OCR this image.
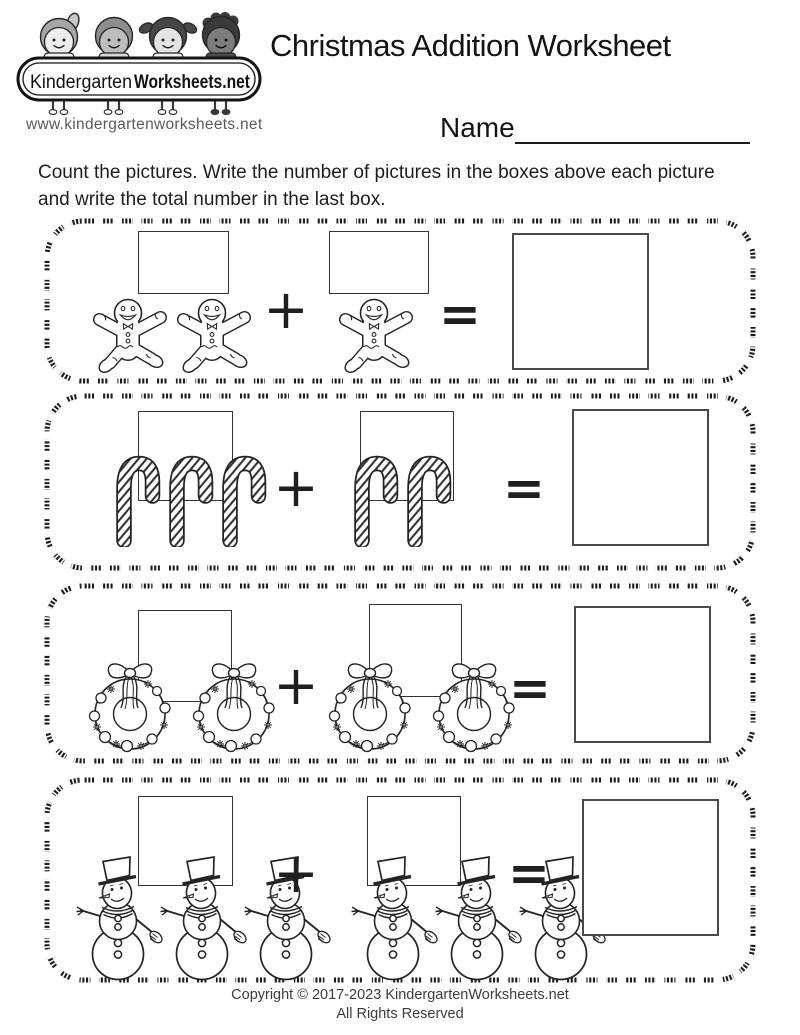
Kindergarten Worksheets.net
www.kindergartenworksheets.net
Christmas Addition Worksheet
Name

Count the pictures. Write the number of pictures in the boxes above each picture and write the total number in the last box.

+	=
+	=
+	=
+	=
Copyright © 2017-2023 KindergartenWorksheets.net
All Rights Reserved
